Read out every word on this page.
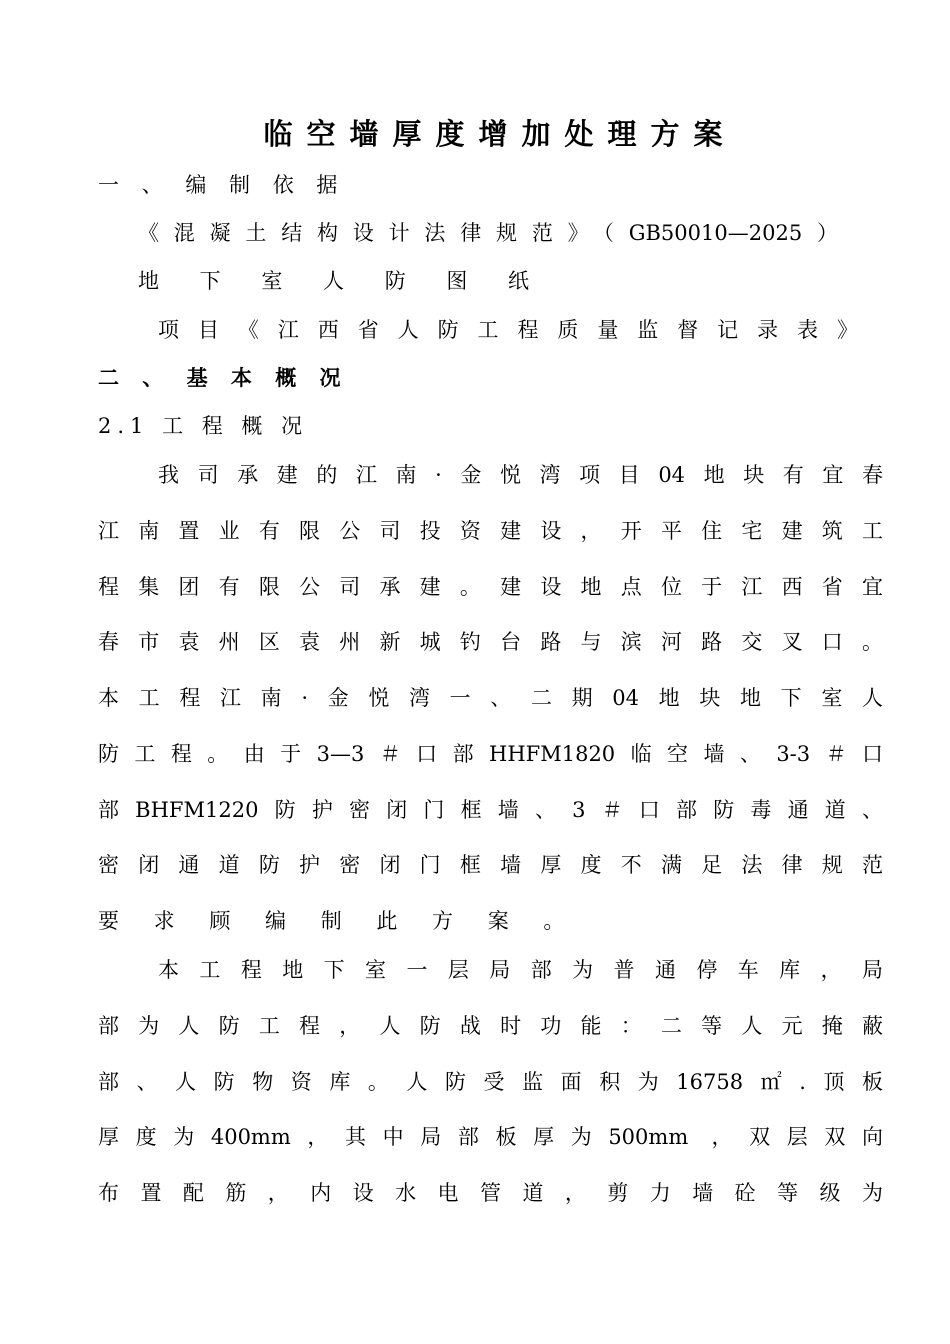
临空墙厚度增加处理方案
一 、 编 制 依 据
《混凝土结构设计法律规范》（GB50010—2025）
地 下 室 人 防 图 纸
项目《江西省人防工程质量监督记录表》
二 、 基 本 概 况
2.1 工 程 概 况
我司承建的江南·金悦湾项目04地块有宜春
江南置业有限公司投资建设，开平住宅建筑工
程集团有限公司承建。建设地点位于江西省宜
春市袁州区袁州新城钓台路与滨河路交叉口。
本工程江南·金悦湾一、二期04地块地下室人
防工程。由于3—3＃口部HHFM1820临空墙、3-3＃口
部BHFM1220防护密闭门框墙、3＃口部防毒通道、
密闭通道防护密闭门框墙厚度不满足法律规范
要 求 顾 编 制 此 方 案 。
本工程地下室一层局部为普通停车库，局
部为人防工程，人防战时功能：二等人元掩蔽
部、人防物资库。人防受监面积为16758㎡.顶板
厚度为400mm，其中局部板厚为500mm ，双层双向
布置配筋，内设水电管道，剪力墙砼等级为
